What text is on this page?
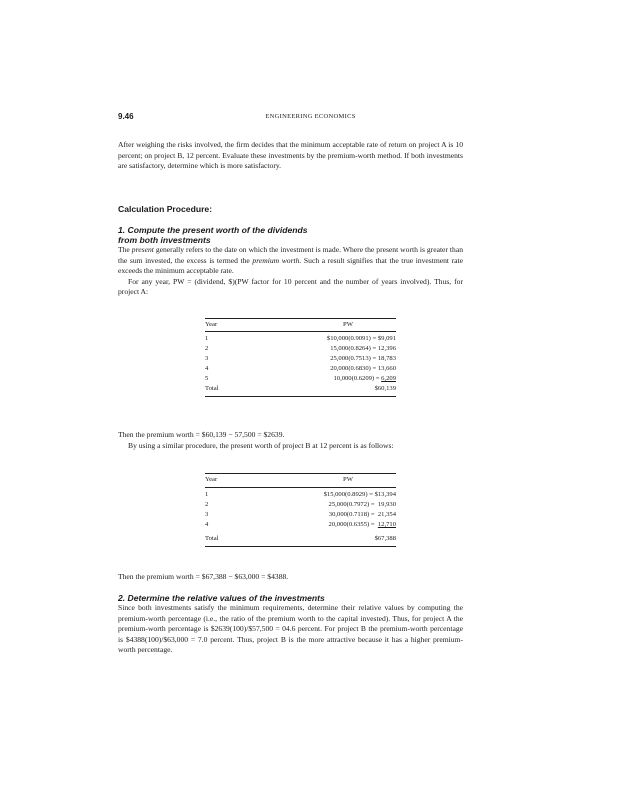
9.46	ENGINEERING ECONOMICS

After weighing the risks involved, the firm decides that the minimum acceptable rate of return on project A is 10 percent; on project B, 12 percent. Evaluate these investments by the premium-worth method. If both investments are satisfactory, determine which is more satisfactory.

Calculation Procedure:
1. Compute the present worth of the dividends
from both investments

The present generally refers to the date on which the investment is made. Where the present worth is greater than the sum invested, the excess is termed the premium worth. Such a result signifies that the true investment rate exceeds the minimum acceptable rate.

For any year, PW = (dividend, $)(PW factor for 10 percent and the number of years involved). Thus, for project A:

Year	PW
1	$10,000(0.9091) = $9,091
2	15,000(0.8264) = 12,396
3	25,000(0.7513) = 18,783
4	20,000(0.6830) = 13,660
5	10,000(0.6209) = 6,209
Total	$60,139

Then the premium worth = $60,139 − 57,500 = $2639.

By using a similar procedure, the present worth of project B at 12 percent is as follows:

Year	PW
1	$15,000(0.8929) = $13,394
2	25,000(0.7972) =  19,930
3	30,000(0.7118) =  21,354
4	20,000(0.6355) =  12,710
Total	$67,388

Then the premium worth = $67,388 − $63,000 = $4388.

2. Determine the relative values of the investments

Since both investments satisfy the minimum requirements, determine their relative values by computing the premium-worth percentage (i.e., the ratio of the premium worth to the capital invested). Thus, for project A the premium-worth percentage is $2639(100)/$57,500 = 04.6 percent. For project B the premium-worth percentage is $4388(100)/$63,000 = 7.0 percent. Thus, project B is the more attractive because it has a higher premium-worth percentage.
